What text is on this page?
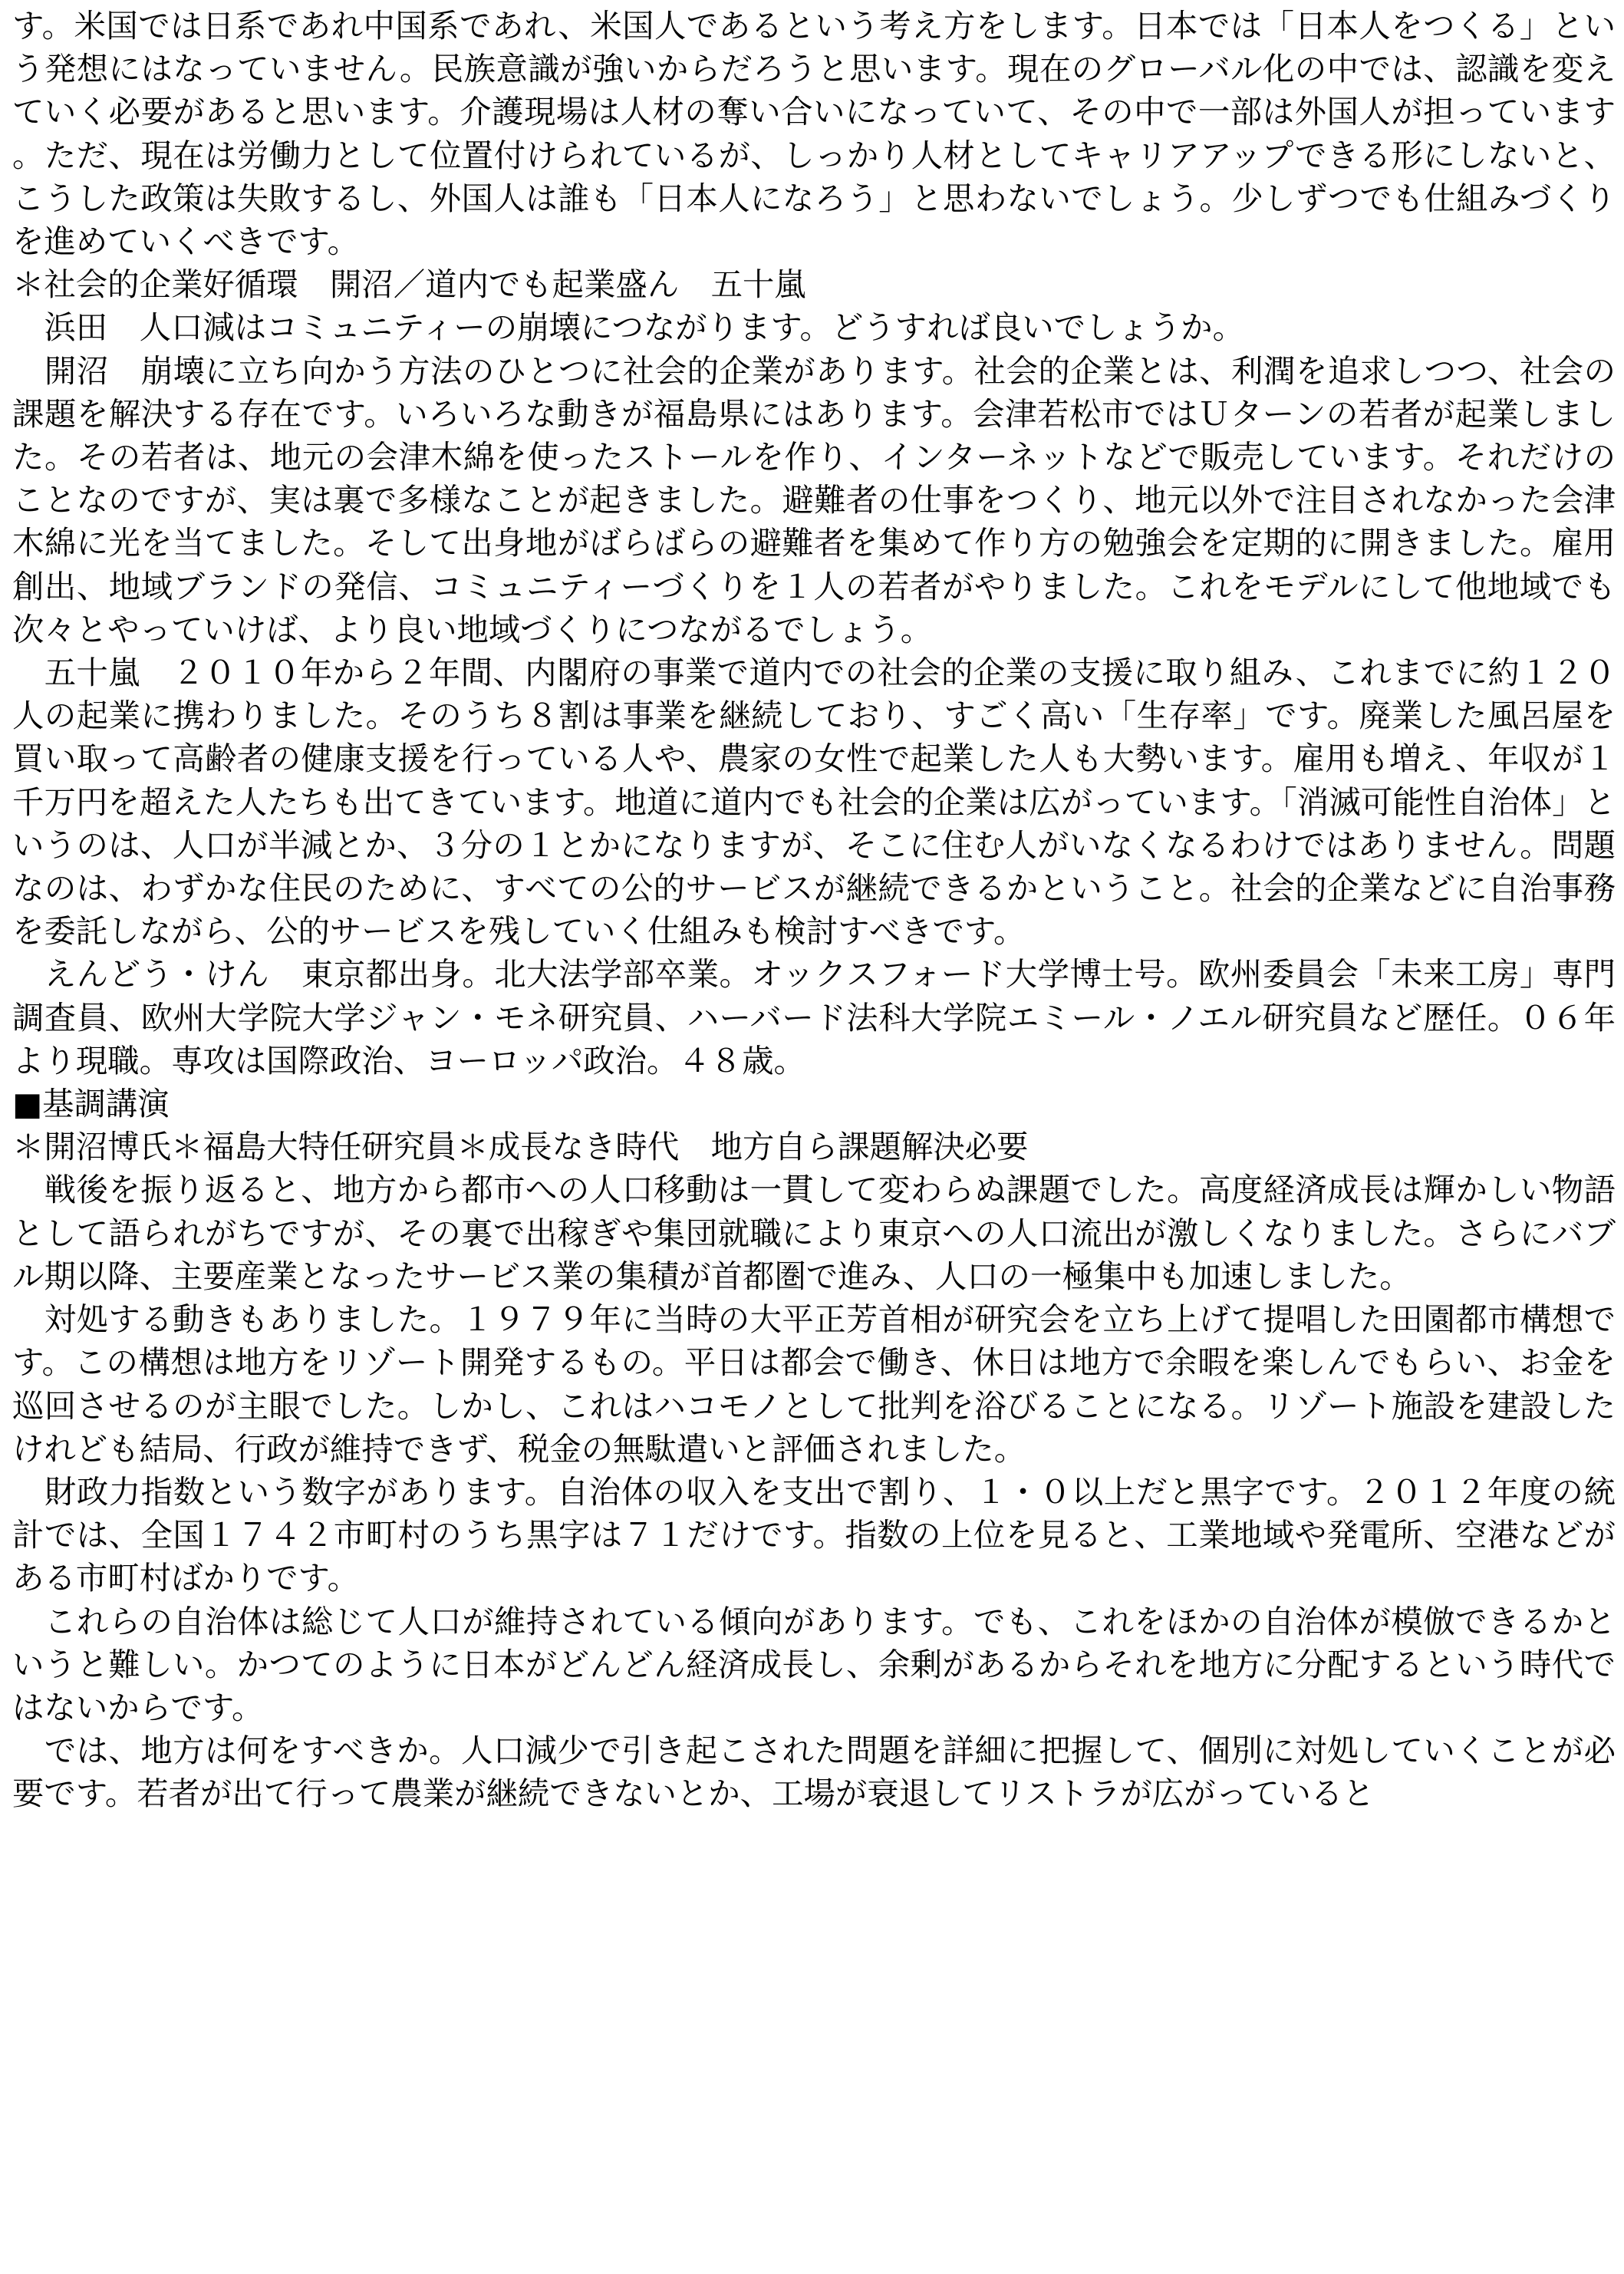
す。米国では日系であれ中国系であれ、米国人であるという考え方をします。日本では「日本人をつくる」という発想にはなっていません。民族意識が強いからだろうと思います。現在のグローバル化の中では、認識を変えていく必要があると思います。介護現場は人材の奪い合いになっていて、その中で一部は外国人が担っています。ただ、現在は労働力として位置付けられているが、しっかり人材としてキャリアアップできる形にしないと、こうした政策は失敗するし、外国人は誰も「日本人になろう」と思わないでしょう。少しずつでも仕組みづくりを進めていくべきです。

＊社会的企業好循環　開沼／道内でも起業盛ん　五十嵐

　浜田　人口減はコミュニティーの崩壊につながります。どうすれば良いでしょうか。

　開沼　崩壊に立ち向かう方法のひとつに社会的企業があります。社会的企業とは、利潤を追求しつつ、社会の課題を解決する存在です。いろいろな動きが福島県にはあります。会津若松市ではＵターンの若者が起業しました。その若者は、地元の会津木綿を使ったストールを作り、インターネットなどで販売しています。それだけのことなのですが、実は裏で多様なことが起きました。避難者の仕事をつくり、地元以外で注目されなかった会津木綿に光を当てました。そして出身地がばらばらの避難者を集めて作り方の勉強会を定期的に開きました。雇用創出、地域ブランドの発信、コミュニティーづくりを１人の若者がやりました。これをモデルにして他地域でも次々とやっていけば、より良い地域づくりにつながるでしょう。

　五十嵐　２０１０年から２年間、内閣府の事業で道内での社会的企業の支援に取り組み、これまでに約１２０人の起業に携わりました。そのうち８割は事業を継続しており、すごく高い「生存率」です。廃業した風呂屋を買い取って高齢者の健康支援を行っている人や、農家の女性で起業した人も大勢います。雇用も増え、年収が１千万円を超えた人たちも出てきています。地道に道内でも社会的企業は広がっています。「消滅可能性自治体」というのは、人口が半減とか、３分の１とかになりますが、そこに住む人がいなくなるわけではありません。問題なのは、わずかな住民のために、すべての公的サービスが継続できるかということ。社会的企業などに自治事務を委託しながら、公的サービスを残していく仕組みも検討すべきです。

　えんどう・けん　東京都出身。北大法学部卒業。オックスフォード大学博士号。欧州委員会「未来工房」専門調査員、欧州大学院大学ジャン・モネ研究員、ハーバード法科大学院エミール・ノエル研究員など歴任。０６年より現職。専攻は国際政治、ヨーロッパ政治。４８歳。

■基調講演

＊開沼博氏＊福島大特任研究員＊成長なき時代　地方自ら課題解決必要

　戦後を振り返ると、地方から都市への人口移動は一貫して変わらぬ課題でした。高度経済成長は輝かしい物語として語られがちですが、その裏で出稼ぎや集団就職により東京への人口流出が激しくなりました。さらにバブル期以降、主要産業となったサービス業の集積が首都圏で進み、人口の一極集中も加速しました。

　対処する動きもありました。１９７９年に当時の大平正芳首相が研究会を立ち上げて提唱した田園都市構想です。この構想は地方をリゾート開発するもの。平日は都会で働き、休日は地方で余暇を楽しんでもらい、お金を巡回させるのが主眼でした。しかし、これはハコモノとして批判を浴びることになる。リゾート施設を建設したけれども結局、行政が維持できず、税金の無駄遣いと評価されました。

　財政力指数という数字があります。自治体の収入を支出で割り、１・０以上だと黒字です。２０１２年度の統計では、全国１７４２市町村のうち黒字は７１だけです。指数の上位を見ると、工業地域や発電所、空港などがある市町村ばかりです。

　これらの自治体は総じて人口が維持されている傾向があります。でも、これをほかの自治体が模倣できるかというと難しい。かつてのように日本がどんどん経済成長し、余剰があるからそれを地方に分配するという時代ではないからです。

　では、地方は何をすべきか。人口減少で引き起こされた問題を詳細に把握して、個別に対処していくことが必要です。若者が出て行って農業が継続できないとか、工場が衰退してリストラが広がっていると
